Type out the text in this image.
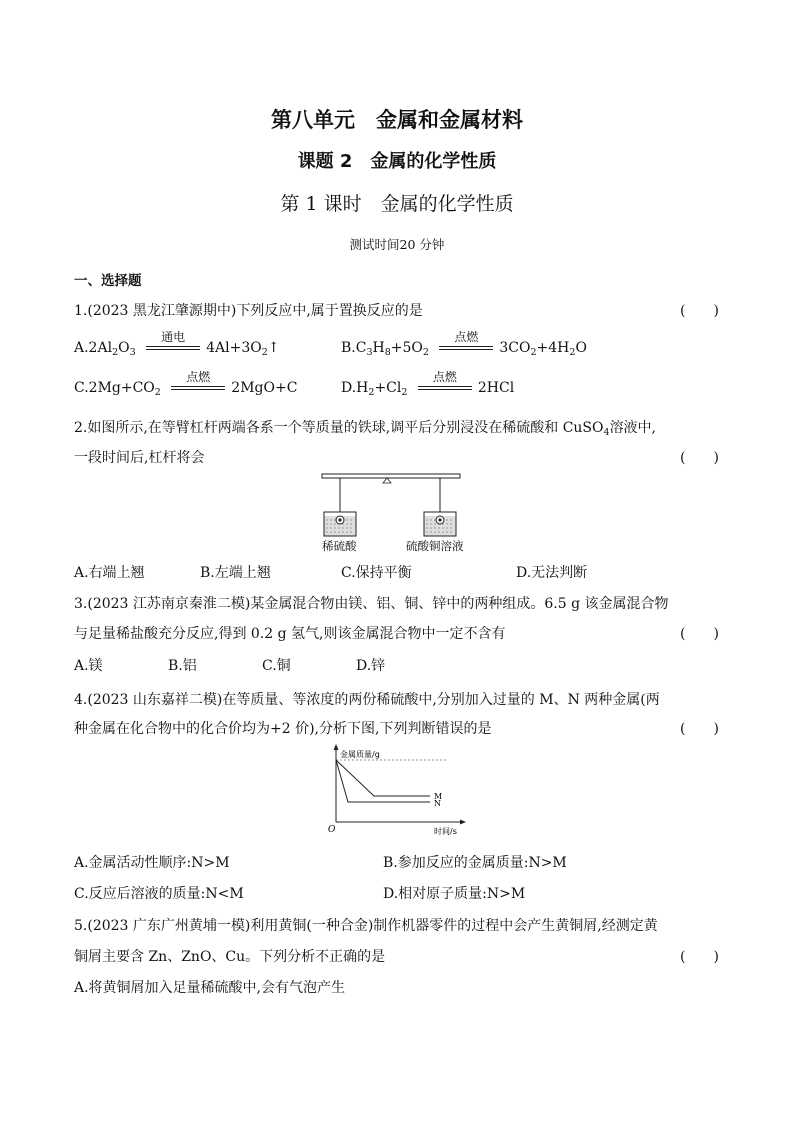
第八单元　金属和金属材料
课题 2　金属的化学性质
第 1 课时　金属的化学性质
测试时间20 分钟
一、选择题
1.(2023 黑龙江肇源期中)下列反应中,属于置换反应的是	(　　)
$A.2Al_2O_3$
通电
$4Al+3O_2↑$	$B.C_3H_8+5O_2$
点燃
$3CO_2+4H_2O$
$C.2Mg+CO_2$
点燃
2MgO+C	$D.H_2+Cl_2$
点燃
2HCl
2.如图所示,在等臂杠杆两端各系一个等质量的铁球,调平后分别浸没在稀硫酸和 CuSO$_4$溶液中,
一段时间后,杠杆将会	(　　)
稀硫酸	硫酸铜溶液
A.右端上翘	B.左端上翘	C.保持平衡	D.无法判断
3.(2023 江苏南京秦淮二模)某金属混合物由镁、铝、铜、锌中的两种组成。6.5 g 该金属混合物
与足量稀盐酸充分反应,得到 0.2 g 氢气,则该金属混合物中一定不含有	(　　)
A.镁	B.铝	C.铜	D.锌
4.(2023 山东嘉祥二模)在等质量、等浓度的两份稀硫酸中,分别加入过量的 M、N 两种金属(两
种金属在化合物中的化合价均为+2 价),分析下图,下列判断错误的是	(　　)
金属质量/g
M
N
O	时间/s
A.金属活动性顺序:N>M	B.参加反应的金属质量:N>M
C.反应后溶液的质量:N<M	D.相对原子质量:N>M
5.(2023 广东广州黄埔一模)利用黄铜(一种合金)制作机器零件的过程中会产生黄铜屑,经测定黄
铜屑主要含 Zn、ZnO、Cu。下列分析不正确的是	(　　)
A.将黄铜屑加入足量稀硫酸中,会有气泡产生
